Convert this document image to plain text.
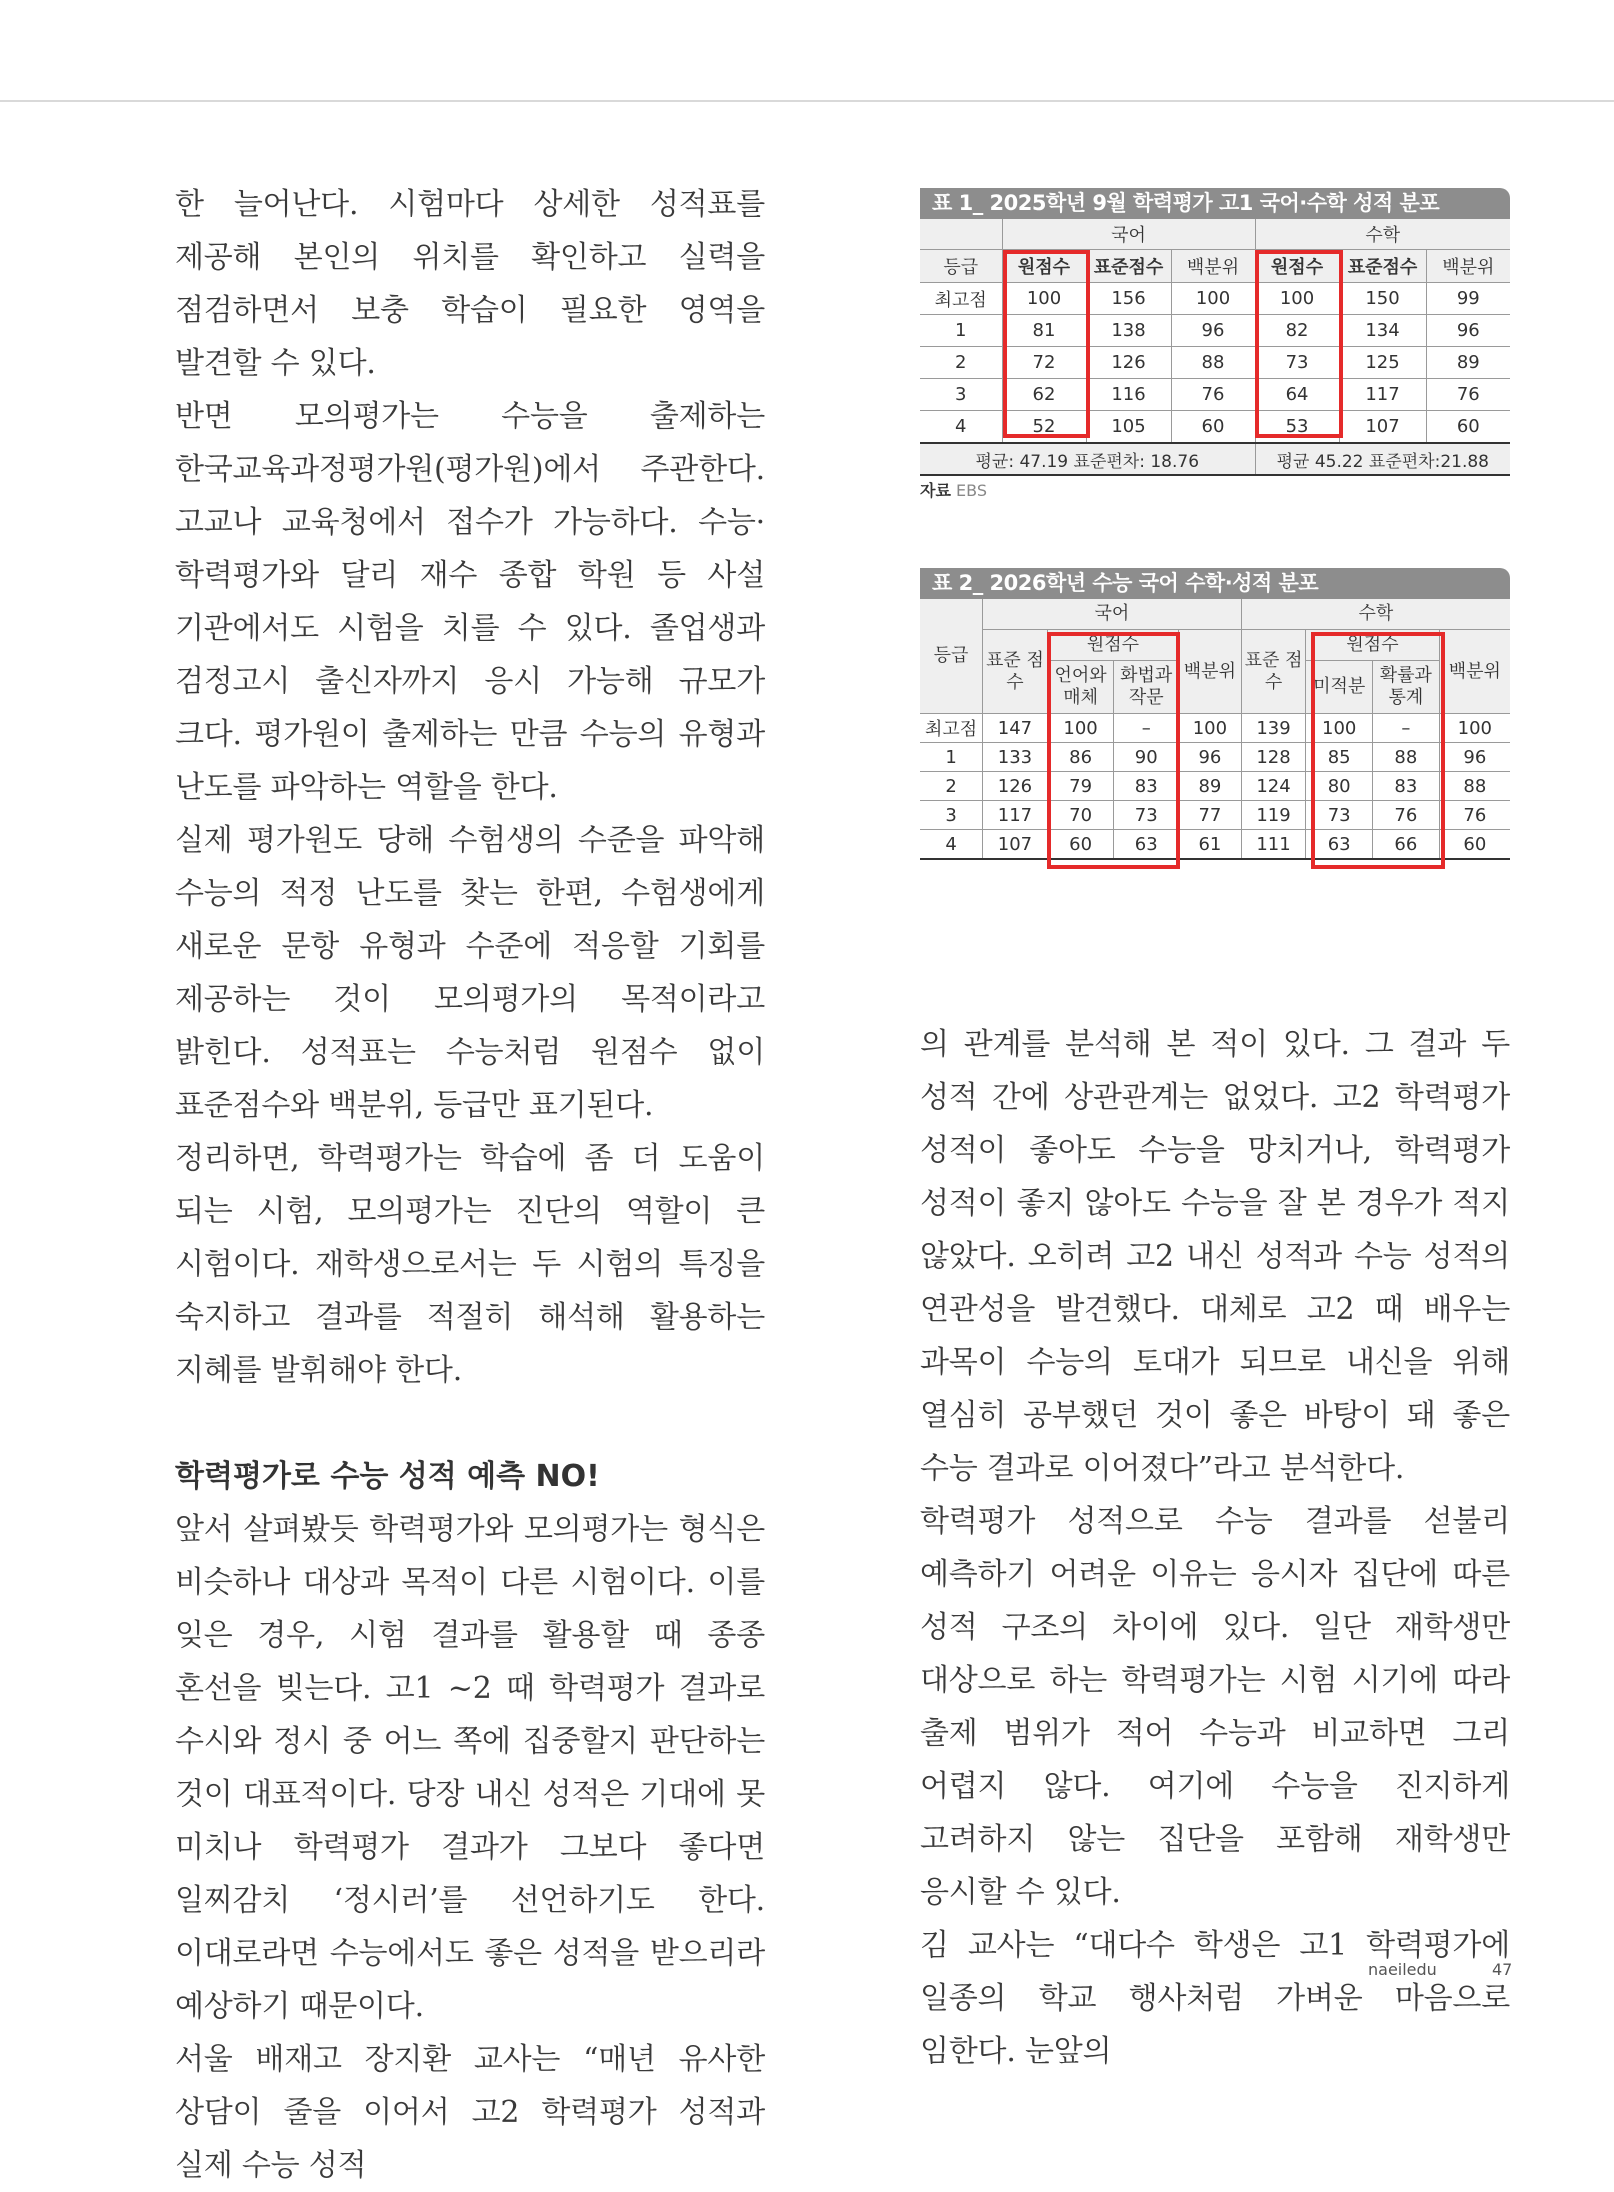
한 늘어난다. 시험마다 상세한 성적표를 제공해 본인의 위치를 확인하고 실력을 점검하면서 보충 학습이 필요한 영역을 발견할 수 있다.

반면 모의평가는 수능을 출제하는 한국교육과정평가원(평가원)에서 주관한다. 고교나 교육청에서 접수가 가능하다. 수능·학력평가와 달리 재수 종합 학원 등 사설 기관에서도 시험을 치를 수 있다. 졸업생과 검정고시 출신자까지 응시 가능해 규모가 크다. 평가원이 출제하는 만큼 수능의 유형과 난도를 파악하는 역할을 한다.

실제 평가원도 당해 수험생의 수준을 파악해 수능의 적정 난도를 찾는 한편, 수험생에게 새로운 문항 유형과 수준에 적응할 기회를 제공하는 것이 모의평가의 목적이라고 밝힌다. 성적표는 수능처럼 원점수 없이 표준점수와 백분위, 등급만 표기된다.

정리하면, 학력평가는 학습에 좀 더 도움이 되는 시험, 모의평가는 진단의 역할이 큰 시험이다. 재학생으로서는 두 시험의 특징을 숙지하고 결과를 적절히 해석해 활용하는 지혜를 발휘해야 한다.

학력평가로 수능 성적 예측 NO!

앞서 살펴봤듯 학력평가와 모의평가는 형식은 비슷하나 대상과 목적이 다른 시험이다. 이를 잊은 경우, 시험 결과를 활용할 때 종종 혼선을 빚는다. 고1 ~2 때 학력평가 결과로 수시와 정시 중 어느 쪽에 집중할지 판단하는 것이 대표적이다. 당장 내신 성적은 기대에 못 미치나 학력평가 결과가 그보다 좋다면 일찌감치 ‘정시러’를 선언하기도 한다. 이대로라면 수능에서도 좋은 성적을 받으리라 예상하기 때문이다.

서울 배재고 장지환 교사는 “매년 유사한 상담이 줄을 이어서 고2 학력평가 성적과 실제 수능 성적

표 1_ 2025학년 9월 학력평가 고1 국어·수학 성적 분포
	국어			수학		
등급	원점수	표준점수	백분위	원점수	표준점수	백분위
최고점	100	156	100	100	150	99
1	81	138	96	82	134	96
2	72	126	88	73	125	89
3	62	116	76	64	117	76
4	52	105	60	53	107	60
평균: 47.19 표준편차: 18.76				평균 45.22 표준편차:21.88		
자료 EBS
표 2_ 2026학년 수능 국어 수학·성적 분포
등급	국어				수학			
	표준 점수	원점수		백분위	표준 점수	원점수		백분위
		언어와 매체	화법과 작문			미적분	확률과 통계	
최고점	147	100	–	100	139	100	–	100
1	133	86	90	96	128	85	88	96
2	126	79	83	89	124	80	83	88
3	117	70	73	77	119	73	76	76
4	107	60	63	61	111	63	66	60

의 관계를 분석해 본 적이 있다. 그 결과 두 성적 간에 상관관계는 없었다. 고2 학력평가 성적이 좋아도 수능을 망치거나, 학력평가 성적이 좋지 않아도 수능을 잘 본 경우가 적지 않았다. 오히려 고2 내신 성적과 수능 성적의 연관성을 발견했다. 대체로 고2 때 배우는 과목이 수능의 토대가 되므로 내신을 위해 열심히 공부했던 것이 좋은 바탕이 돼 좋은 수능 결과로 이어졌다”라고 분석한다.

학력평가 성적으로 수능 결과를 섣불리 예측하기 어려운 이유는 응시자 집단에 따른 성적 구조의 차이에 있다. 일단 재학생만 대상으로 하는 학력평가는 시험 시기에 따라 출제 범위가 적어 수능과 비교하면 그리 어렵지 않다. 여기에 수능을 진지하게 고려하지 않는 집단을 포함해 재학생만 응시할 수 있다.

김 교사는 “대다수 학생은 고1 학력평가에 일종의 학교 행사처럼 가벼운 마음으로 임한다. 눈앞의

naeiledu	47
